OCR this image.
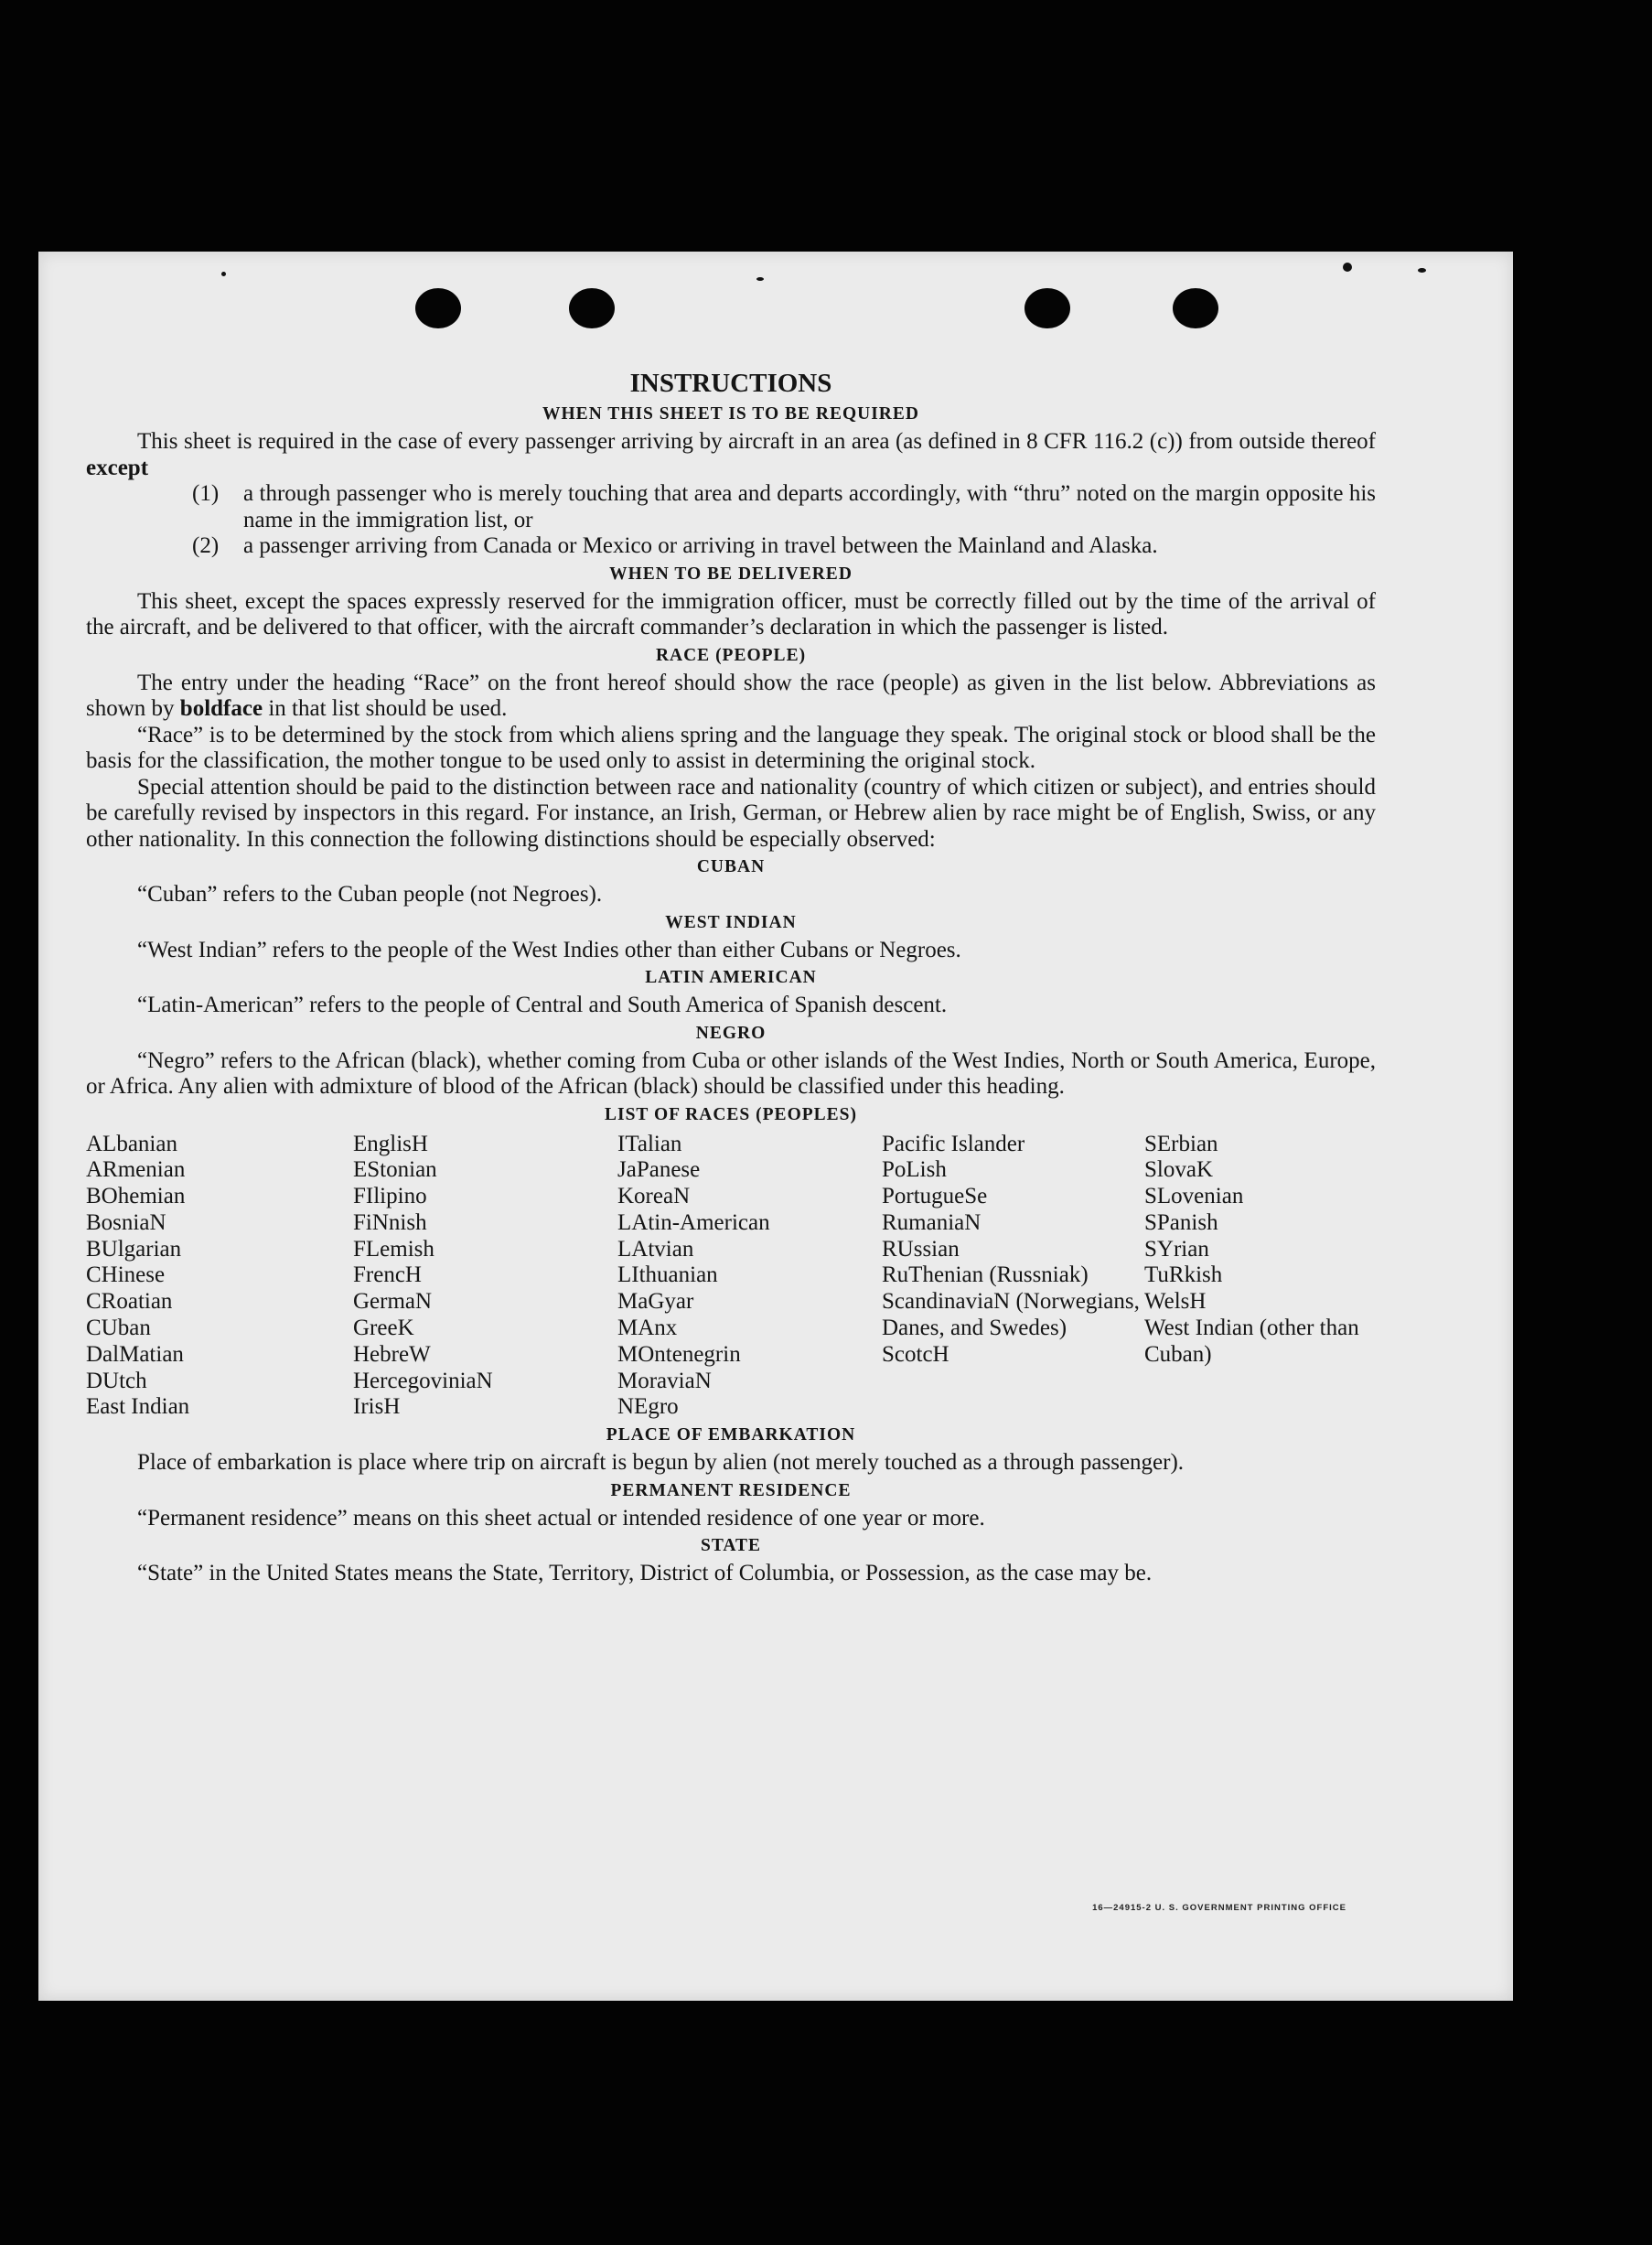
INSTRUCTIONS
WHEN THIS SHEET IS TO BE REQUIRED

This sheet is required in the case of every passenger arriving by aircraft in an area (as defined in 8 CFR 116.2 (c)) from outside thereof except

(1)	a through passenger who is merely touching that area and departs accordingly, with “thru” noted on the margin opposite his name in the immigration list, or
(2)	a passenger arriving from Canada or Mexico or arriving in travel between the Mainland and Alaska.
WHEN TO BE DELIVERED

This sheet, except the spaces expressly reserved for the immigration officer, must be correctly filled out by the time of the arrival of the aircraft, and be delivered to that officer, with the aircraft commander’s declaration in which the passenger is listed.

RACE (PEOPLE)

The entry under the heading “Race” on the front hereof should show the race (people) as given in the list below. Abbreviations as shown by boldface in that list should be used.

“Race” is to be determined by the stock from which aliens spring and the language they speak. The original stock or blood shall be the basis for the classification, the mother tongue to be used only to assist in determining the original stock.

Special attention should be paid to the distinction between race and nationality (country of which citizen or subject), and entries should be carefully revised by inspectors in this regard. For instance, an Irish, German, or Hebrew alien by race might be of English, Swiss, or any other nationality. In this connection the following distinctions should be especially observed:

CUBAN

“Cuban” refers to the Cuban people (not Negroes).

WEST INDIAN

“West Indian” refers to the people of the West Indies other than either Cubans or Negroes.

LATIN AMERICAN

“Latin-American” refers to the people of Central and South America of Spanish descent.

NEGRO

“Negro” refers to the African (black), whether coming from Cuba or other islands of the West Indies, North or South America, Europe, or Africa. Any alien with admixture of blood of the African (black) should be classified under this heading.

LIST OF RACES (PEOPLES)
ALbanian
ARmenian
BOhemian
BosniaN
BUlgarian
CHinese
CRoatian
CUban
DalMatian
DUtch
East Indian
EnglisH
EStonian
FIlipino
FiNnish
FLemish
FrencH
GermaN
GreeK
HebreW
HercegoviniaN
IrisH
ITalian
JaPanese
KoreaN
LAtin-American
LAtvian
LIthuanian
MaGyar
MAnx
MOntenegrin
MoraviaN
NEgro
Pacific Islander
PoLish
PortugueSe
RumaniaN
RUssian
RuThenian (Russniak)
ScandinaviaN (Norwegians, Danes, and Swedes)
ScotcH
SErbian
SlovaK
SLovenian
SPanish
SYrian
TuRkish
WelsH
West Indian (other than Cuban)
PLACE OF EMBARKATION

Place of embarkation is place where trip on aircraft is begun by alien (not merely touched as a through passenger).

PERMANENT RESIDENCE

“Permanent residence” means on this sheet actual or intended residence of one year or more.

STATE

“State” in the United States means the State, Territory, District of Columbia, or Possession, as the case may be.

16—24915-2 U. S. GOVERNMENT PRINTING OFFICE
